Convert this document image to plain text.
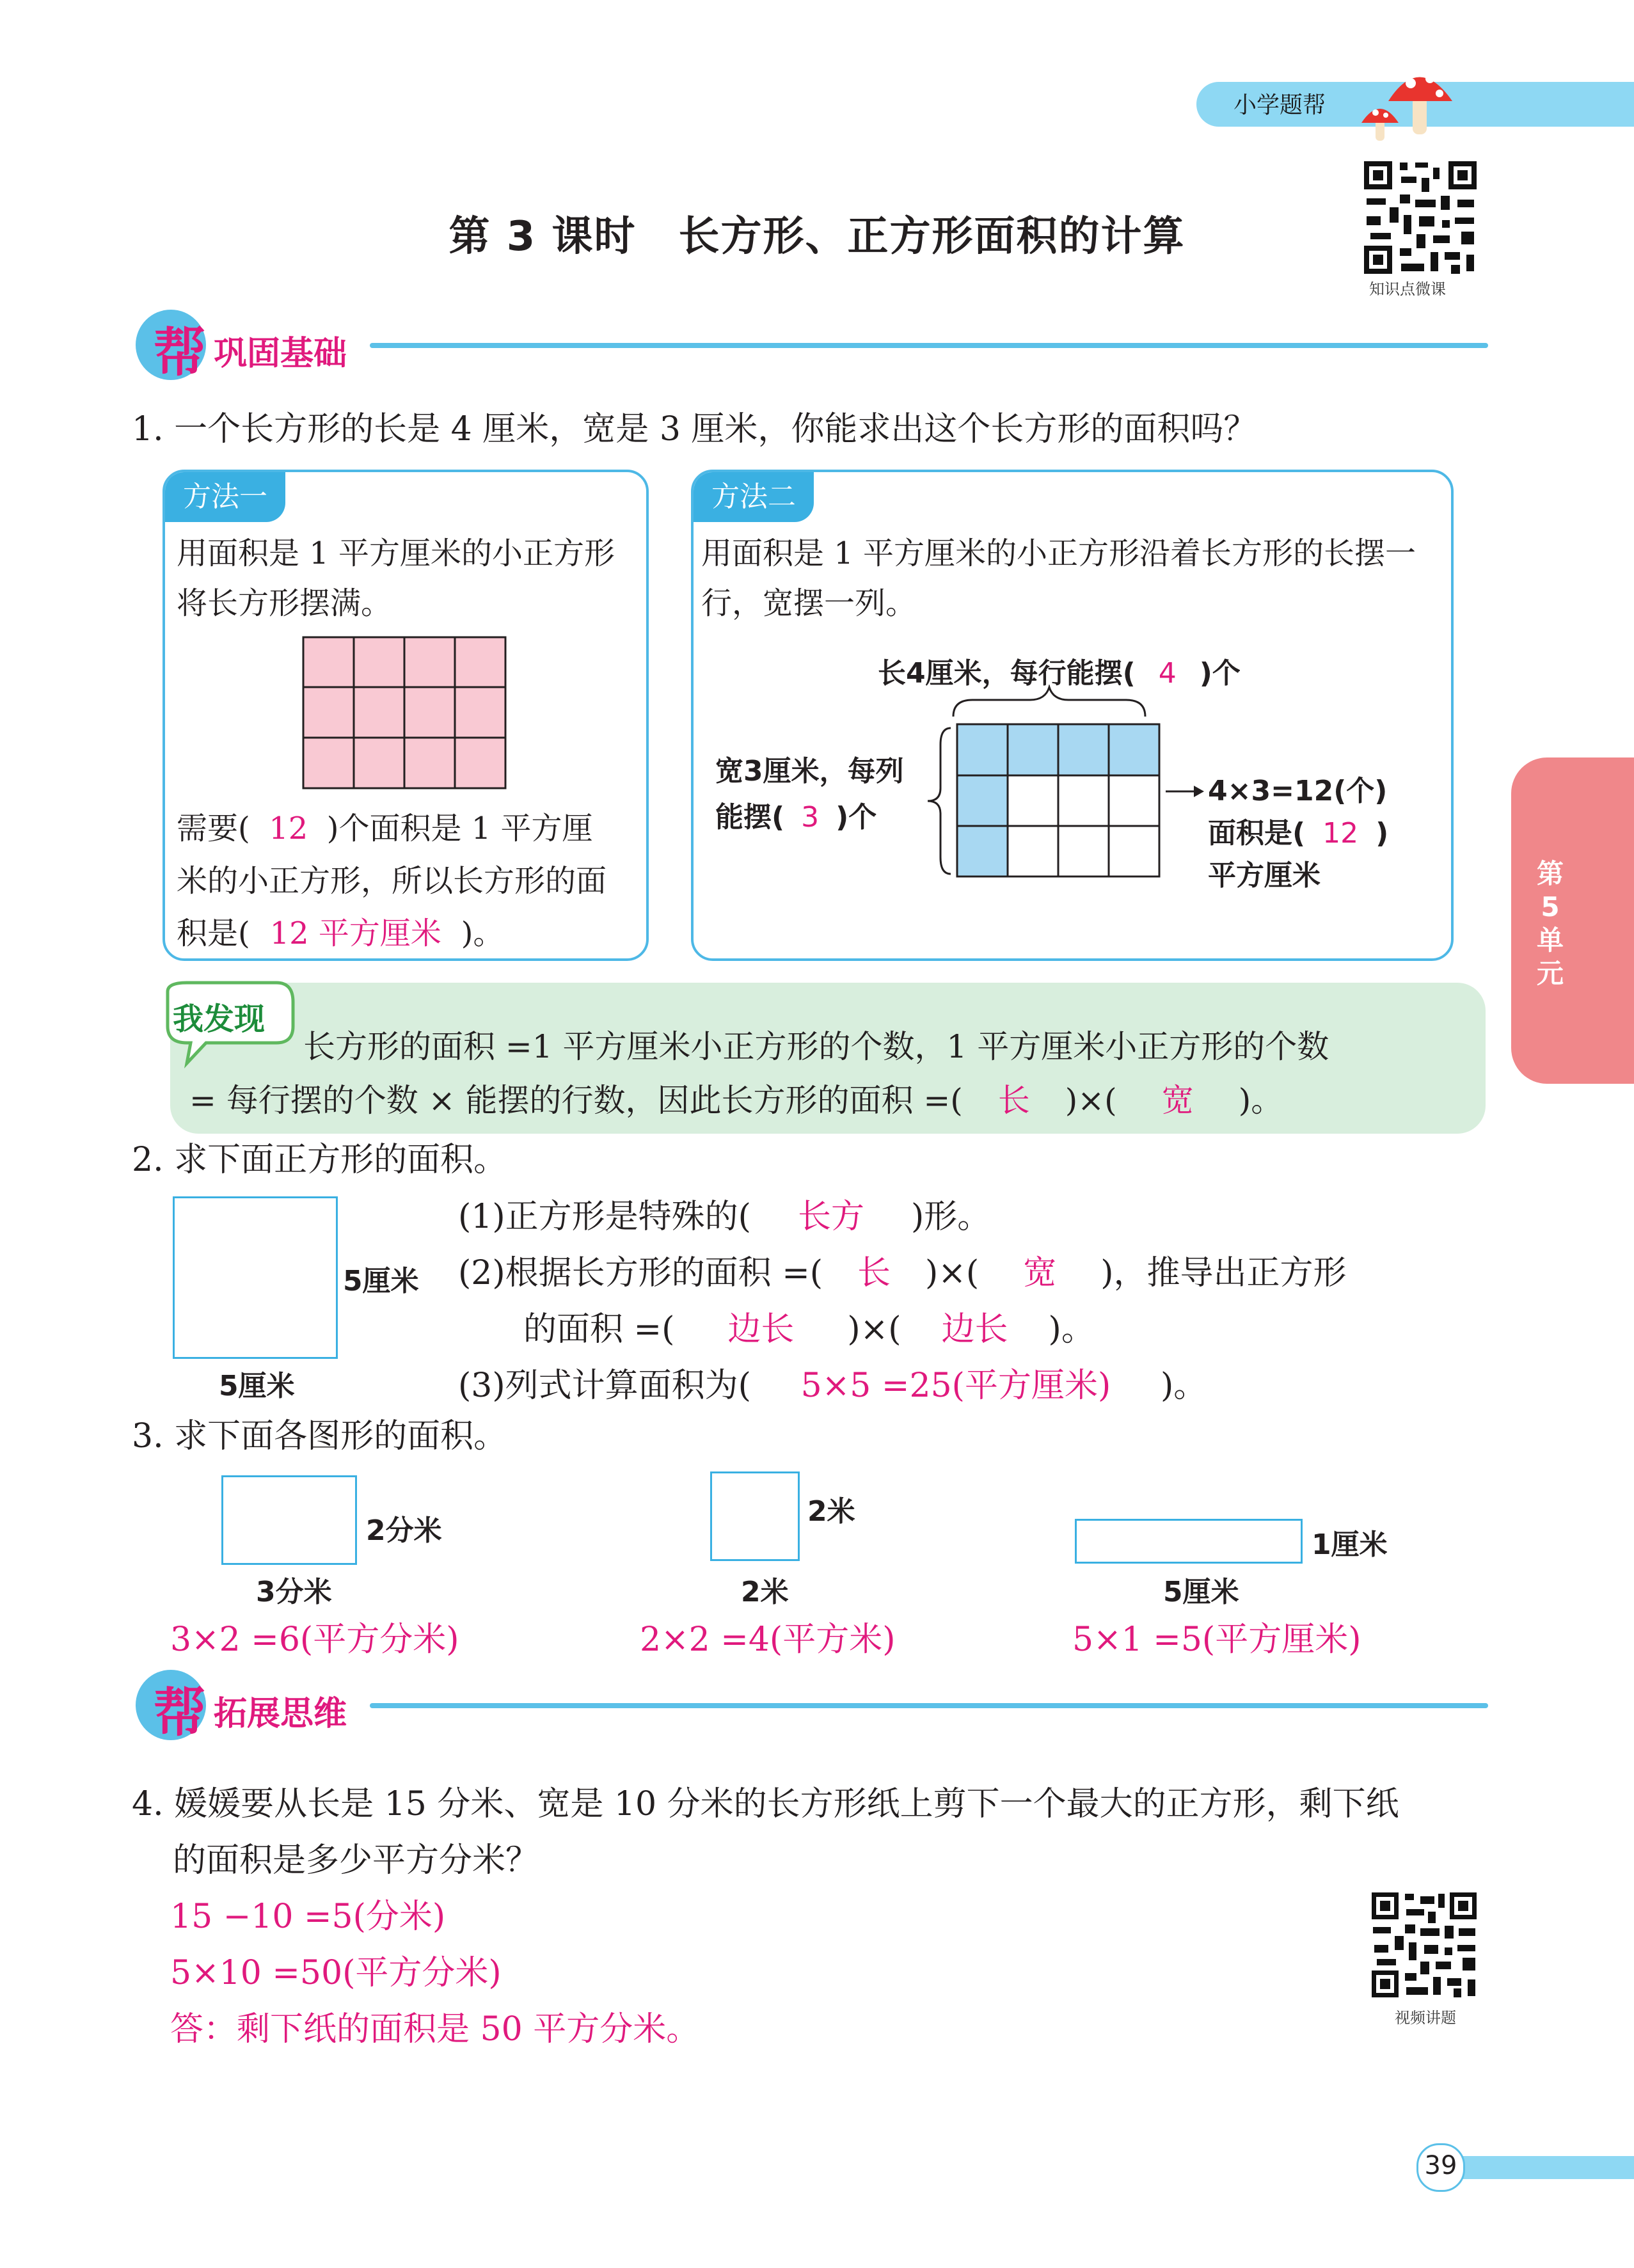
小学题帮
知识点微课
第 3 课时　长方形、正方形面积的计算
帮 巩固基础
第5单元
1. 一个长方形的长是 4 厘米，宽是 3 厘米，你能求出这个长方形的面积吗？
方法一
用面积是 1 平方厘米的小正方形
将长方形摆满。
需要( 12 )个面积是 1 平方厘
米的小正方形，所以长方形的面
积是( 12 平方厘米 )。
方法二
用面积是 1 平方厘米的小正方形沿着长方形的长摆一
行，宽摆一列。
长4厘米，每行能摆( 4 )个
宽3厘米，每列
能摆( 3 )个
4×3=12(个)
面积是( 12 )
平方厘米
我发现
长方形的面积 =1 平方厘米小正方形的个数，1 平方厘米小正方形的个数
= 每行摆的个数 × 能摆的行数，因此长方形的面积 =( 长 )×( 宽 )。
2. 求下面正方形的面积。
5厘米
5厘米
(1)正方形是特殊的( 长方 )形。
(2)根据长方形的面积 =( 长 )×( 宽 )，推导出正方形
的面积 =( 边长 )×( 边长 )。
(3)列式计算面积为( 5×5 =25(平方厘米) )。
3. 求下面各图形的面积。
2分米
3分米
3×2 =6(平方分米)
2米
2米
2×2 =4(平方米)
1厘米
5厘米
5×1 =5(平方厘米)
帮 拓展思维
4. 媛媛要从长是 15 分米、宽是 10 分米的长方形纸上剪下一个最大的正方形，剩下纸
的面积是多少平方分米？
15 −10 =5(分米)
5×10 =50(平方分米)
答：剩下纸的面积是 50 平方分米。	视频讲题
39
